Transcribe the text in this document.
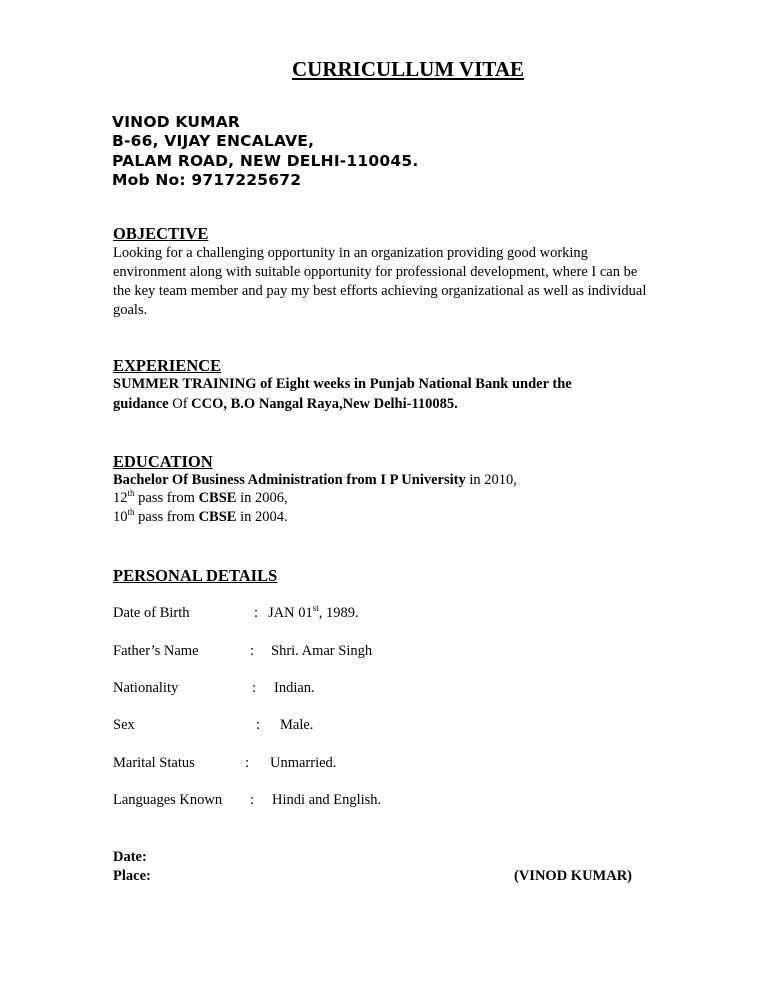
CURRICULLUM VITAE
VINOD KUMAR
B-66, VIJAY ENCALAVE,
PALAM ROAD, NEW DELHI-110045.
Mob No: 9717225672
OBJECTIVE
Looking for a challenging opportunity in an organization providing good working environment along with suitable opportunity for professional development, where I can be the key team member and pay my best efforts achieving organizational as well as individual goals.
EXPERIENCE
SUMMER TRAINING of Eight weeks in Punjab National Bank under the
guidance Of CCO, B.O Nangal Raya,New Delhi-110085.
EDUCATION
Bachelor Of Business Administration from I P University in 2010,
12th pass from CBSE in 2006,
10th pass from CBSE in 2004.
PERSONAL DETAILS
Date of Birth	: JAN 01st, 1989.
Father’s Name	: Shri. Amar Singh
Nationality	: Indian.
Sex	: Male.
Marital Status	: Unmarried.
Languages Known : Hindi and English.
Date:
Place:	(VINOD KUMAR)
